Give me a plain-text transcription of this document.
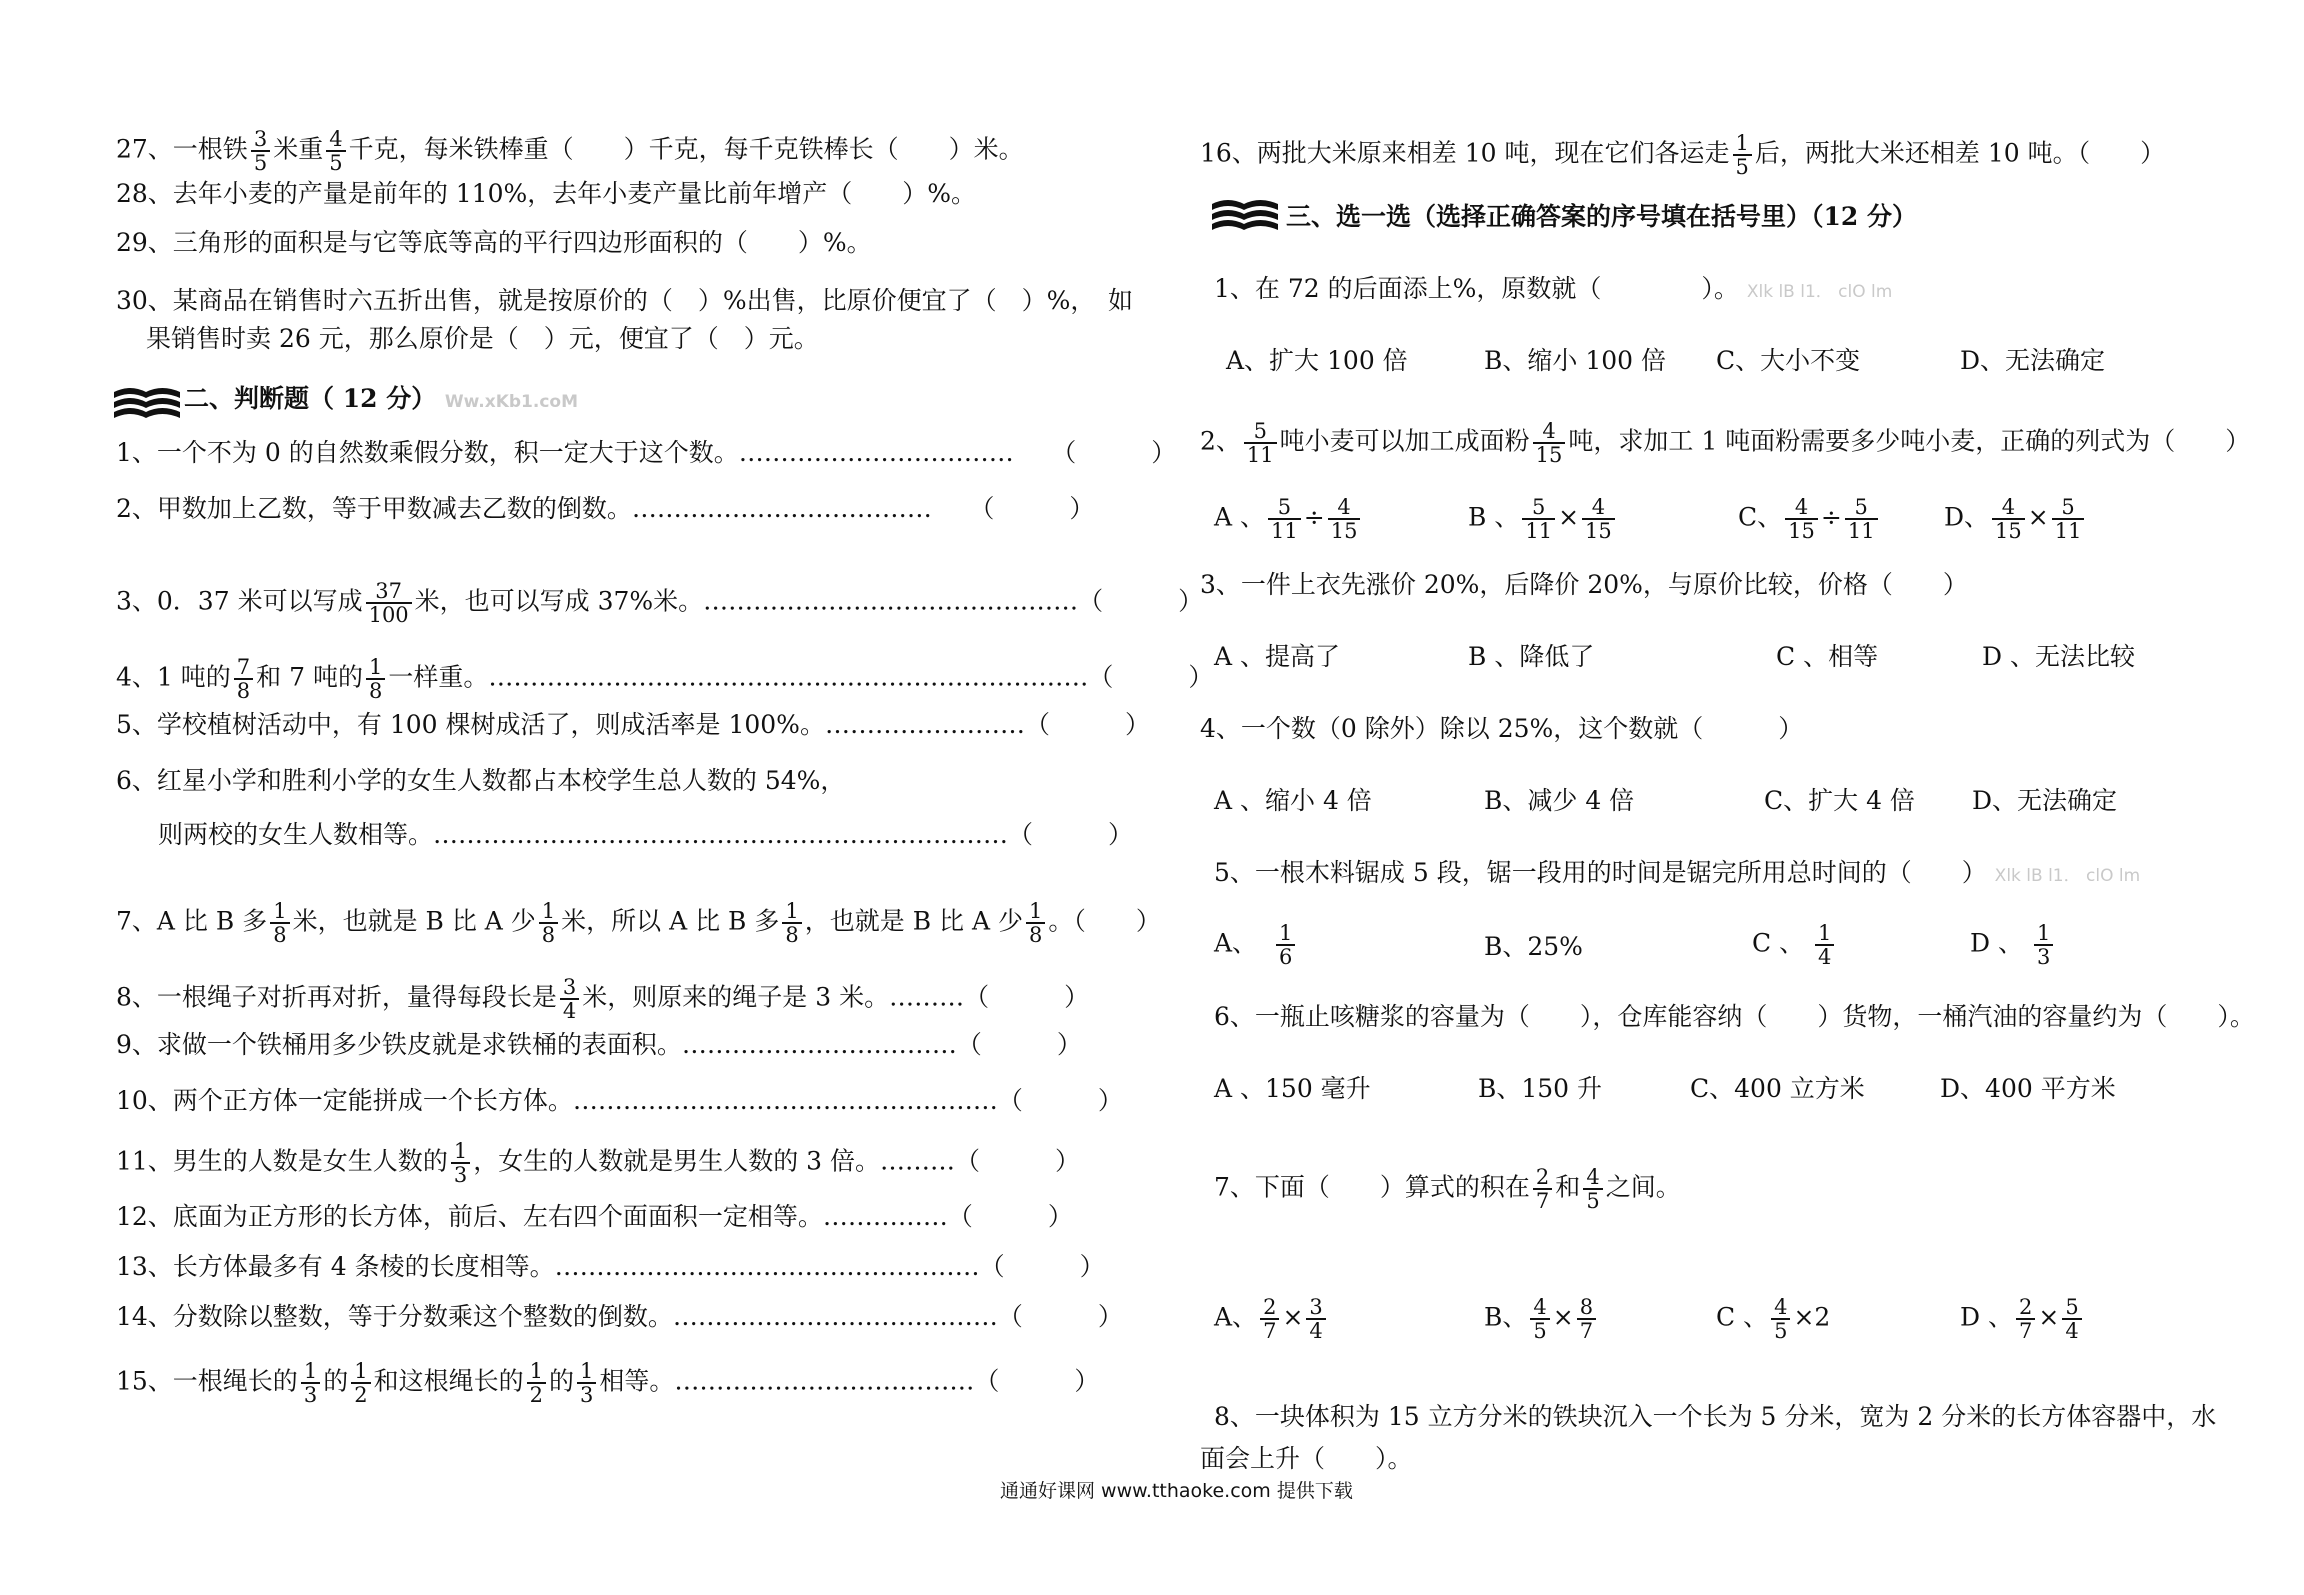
27、一根铁 $\frac{3}{5}$ 米重 $\frac{4}{5}$ 千克，每米铁棒重（　　）千克，每千克铁棒长（　　）米。
28、去年小麦的产量是前年的 110%，去年小麦产量比前年增产（　　）%。
29、三角形的面积是与它等底等高的平行四边形面积的（　　）%。
30、某商品在销售时六五折出售，就是按原价的（　）%出售，比原价便宜了（　）%， 如
果销售时卖 26 元，那么原价是（　）元，便宜了（　）元。
二、判断题（ 12 分） Ww.xKb1.coM
1、一个不为 0 的自然数乘假分数，积一定大于这个数。……………………………　　（　　　）
2、甲数加上乙数，等于甲数减去乙数的倒数。………………………………　　（　　　）
3、0．37 米可以写成 $\frac{37}{100}$ 米，也可以写成 37%米。………………………………………（　　　）
4、1 吨的 $\frac{7}{8}$ 和 7 吨的 $\frac{1}{8}$ 一样重。………………………………………………………………（　　　）
5、学校植树活动中，有 100 棵树成活了，则成活率是 100%。……………………（　　　）
6、红星小学和胜利小学的女生人数都占本校学生总人数的 54%，
则两校的女生人数相等。……………………………………………………………（　　　）
7、A 比 B 多 $\frac{1}{8}$ 米，也就是 B 比 A 少 $\frac{1}{8}$ 米，所以 A 比 B 多 $\frac{1}{8}$ ，也就是 B 比 A 少 $\frac{1}{8}$ 。（　　）
8、一根绳子对折再对折，量得每段长是 $\frac{3}{4}$ 米，则原来的绳子是 3 米。………（　　　）
9、求做一个铁桶用多少铁皮就是求铁桶的表面积。……………………………（　　　）
10、两个正方体一定能拼成一个长方体。……………………………………………（　　　）
11、男生的人数是女生人数的 $\frac{1}{3}$ ，女生的人数就是男生人数的 3 倍。………（　　　）
12、底面为正方形的长方体，前后、左右四个面面积一定相等。……………（　　　）
13、长方体最多有 4 条棱的长度相等。……………………………………………（　　　）
14、分数除以整数，等于分数乘这个整数的倒数。…………………………………（　　　）
15、一根绳长的 $\frac{1}{3}$ 的 $\frac{1}{2}$ 和这根绳长的 $\frac{1}{2}$ 的 $\frac{1}{3}$ 相等。………………………………（　　　）
16、两批大米原来相差 10 吨，现在它们各运走 $\frac{1}{5}$ 后，两批大米还相差 10 吨。（　　）
三、选一选（选择正确答案的序号填在括号里）（12 分）
1、在 72 的后面添上%，原数就（　　　　）。 Xlk lB l1． clO lm
A、扩大 100 倍	B、缩小 100 倍 C、大小不变	D、无法确定
2、 $\frac{5}{11}$ 吨小麦可以加工成面粉 $\frac{4}{15}$ 吨，求加工 1 吨面粉需要多少吨小麦，正确的列式为（　　）
A 、 $\frac{5}{11} \div \frac{4}{15}$	B 、 $\frac{5}{11} \times \frac{4}{15}$	C、 $\frac{4}{15} \div \frac{5}{11}$	D、 $\frac{4}{15} \times \frac{5}{11}$
3、一件上衣先涨价 20%，后降价 20%，与原价比较，价格（　　）
A 、提高了	B 、降低了	C 、相等	D 、无法比较
4、一个数（0 除外）除以 25%，这个数就（　　　）
A 、缩小 4 倍	B、减少 4 倍	C、扩大 4 倍 D、无法确定
5、一根木料锯成 5 段，锯一段用的时间是锯完所用总时间的（　　） Xlk lB l1． clO lm
A、 $\frac{1}{6}$	B、25%	C 、 $\frac{1}{4}$	D 、 $\frac{1}{3}$
6、一瓶止咳糖浆的容量为（　　），仓库能容纳（　　）货物，一桶汽油的容量约为（　　）。
A 、150 毫升	B、150 升	C、400 立方米	D、400 平方米
7、下面（　　）算式的积在 $\frac{2}{7}$ 和 $\frac{4}{5}$ 之间。
A、 $\frac{2}{7} \times \frac{3}{4}$	B、 $\frac{4}{5} \times \frac{8}{7}$	C 、 $\frac{4}{5} \times 2$	D 、 $\frac{2}{7} \times \frac{5}{4}$
8、一块体积为 15 立方分米的铁块沉入一个长为 5 分米，宽为 2 分米的长方体容器中，水
面会上升（　　）。
通通好课网 www.tthaoke.com 提供下载
